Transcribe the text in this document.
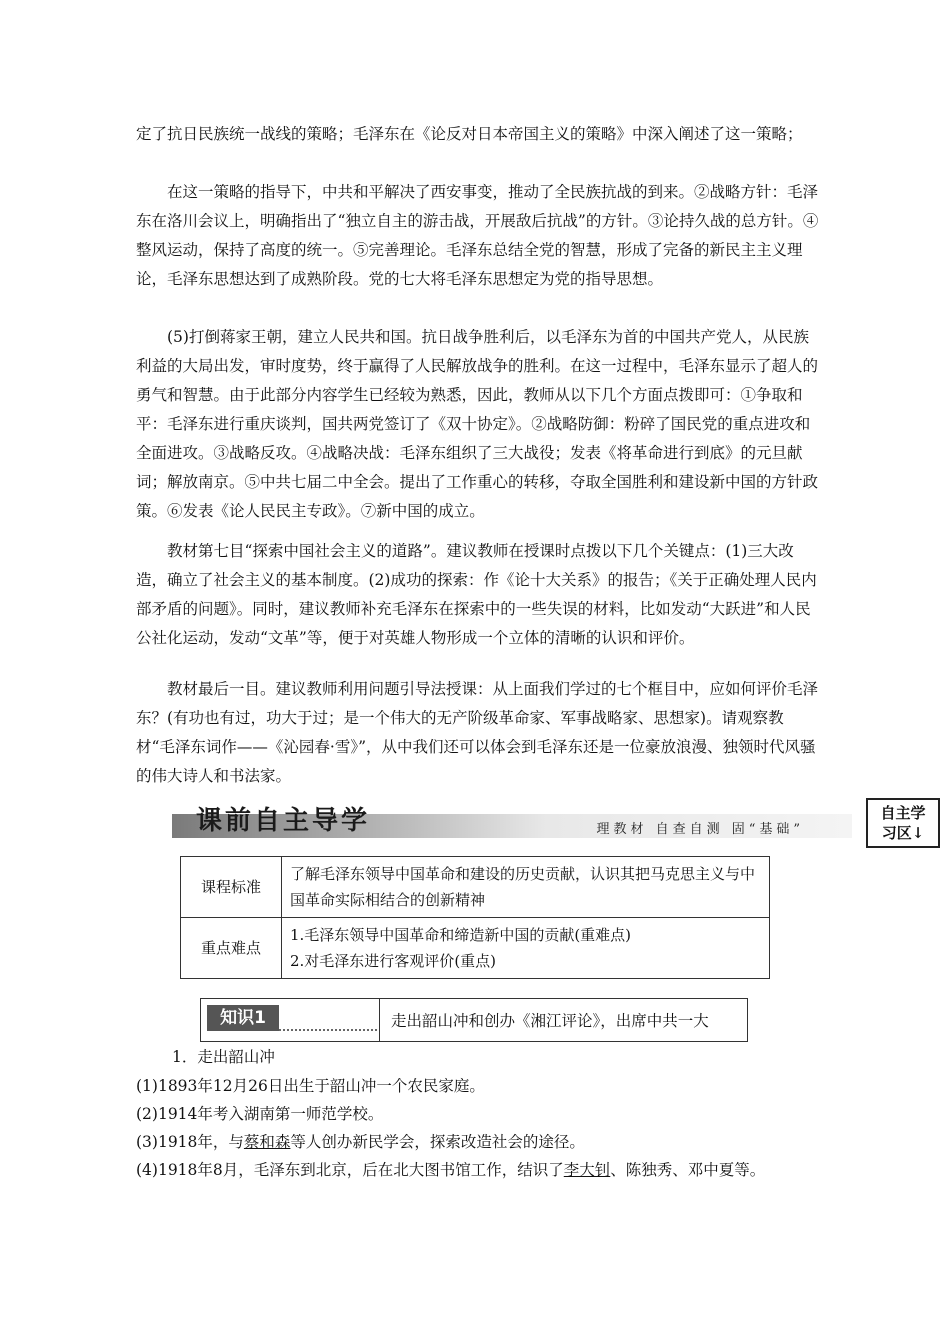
定了抗日民族统一战线的策略；毛泽东在《论反对日本帝国主义的策略》中深入阐述了这一策略；

在这一策略的指导下，中共和平解决了西安事变，推动了全民族抗战的到来。②战略方针：毛泽东在洛川会议上，明确指出了“独立自主的游击战，开展敌后抗战”的方针。③论持久战的总方针。④整风运动，保持了高度的统一。⑤完善理论。毛泽东总结全党的智慧，形成了完备的新民主主义理论，毛泽东思想达到了成熟阶段。党的七大将毛泽东思想定为党的指导思想。

(5)打倒蒋家王朝，建立人民共和国。抗日战争胜利后，以毛泽东为首的中国共产党人，从民族利益的大局出发，审时度势，终于赢得了人民解放战争的胜利。在这一过程中，毛泽东显示了超人的勇气和智慧。由于此部分内容学生已经较为熟悉，因此，教师从以下几个方面点拨即可：①争取和平：毛泽东进行重庆谈判，国共两党签订了《双十协定》。②战略防御：粉碎了国民党的重点进攻和全面进攻。③战略反攻。④战略决战：毛泽东组织了三大战役；发表《将革命进行到底》的元旦献词；解放南京。⑤中共七届二中全会。提出了工作重心的转移，夺取全国胜利和建设新中国的方针政策。⑥发表《论人民民主专政》。⑦新中国的成立。

教材第七目“探索中国社会主义的道路”。建议教师在授课时点拨以下几个关键点：(1)三大改造，确立了社会主义的基本制度。(2)成功的探索：作《论十大关系》的报告；《关于正确处理人民内部矛盾的问题》。同时，建议教师补充毛泽东在探索中的一些失误的材料，比如发动“大跃进”和人民公社化运动，发动“文革”等，便于对英雄人物形成一个立体的清晰的认识和评价。

教材最后一目。建议教师利用问题引导法授课：从上面我们学过的七个框目中，应如何评价毛泽东？(有功也有过，功大于过；是一个伟大的无产阶级革命家、军事战略家、思想家)。请观察教材“毛泽东词作——《沁园春·雪》”，从中我们还可以体会到毛泽东还是一位豪放浪漫、独领时代风骚的伟大诗人和书法家。

课前自主导学	理教材 自查自测 固“基础”
自主学
习区↓
课程标准	了解毛泽东领导中国革命和建设的历史贡献，认识其把马克思主义与中国革命实际相结合的创新精神
重点难点	1.毛泽东领导中国革命和缔造新中国的贡献(重难点)
2.对毛泽东进行客观评价(重点)
知识1	走出韶山冲和创办《湘江评论》，出席中共一大

1．走出韶山冲

(1)1893年12月26日出生于韶山冲一个农民家庭。

(2)1914年考入湖南第一师范学校。

(3)1918年，与蔡和森等人创办新民学会，探索改造社会的途径。

(4)1918年8月，毛泽东到北京，后在北大图书馆工作，结识了李大钊、陈独秀、邓中夏等。
